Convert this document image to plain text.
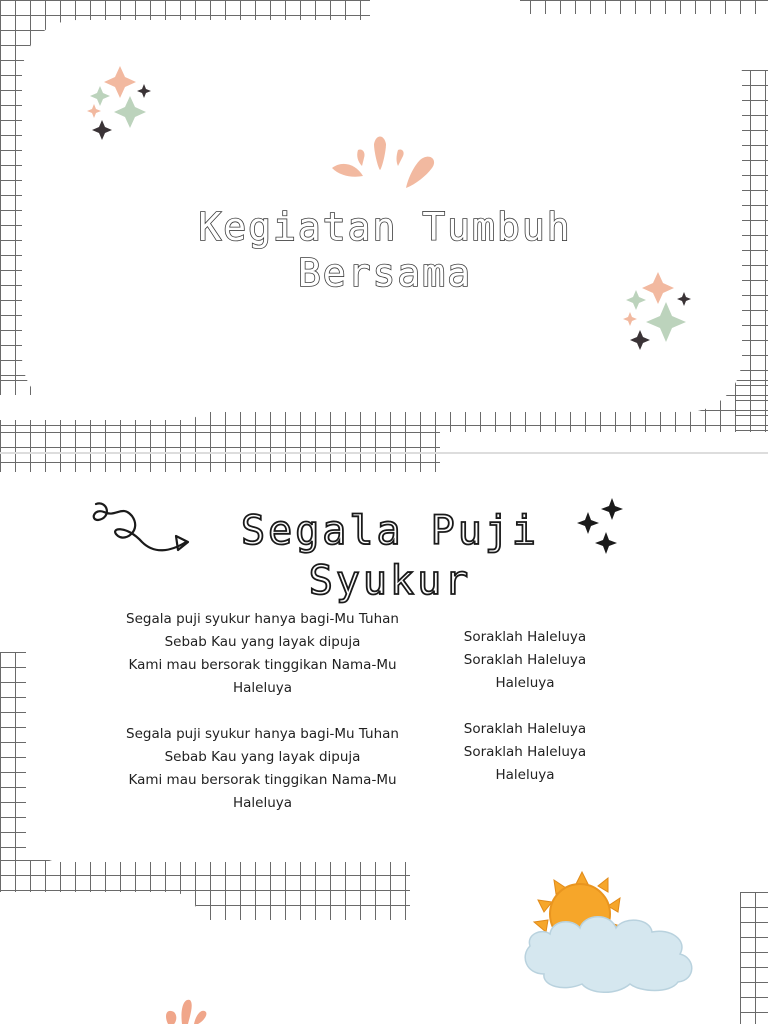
Kegiatan Tumbuh
Bersama
Segala Puji Syukur
Segala puji syukur hanya bagi-Mu Tuhan
Sebab Kau yang layak dipuja
Kami mau bersorak tinggikan Nama-Mu
Haleluya
Segala puji syukur hanya bagi-Mu Tuhan
Sebab Kau yang layak dipuja
Kami mau bersorak tinggikan Nama-Mu
Haleluya
Soraklah Haleluya
Soraklah Haleluya
Haleluya
Soraklah Haleluya
Soraklah Haleluya
Haleluya
